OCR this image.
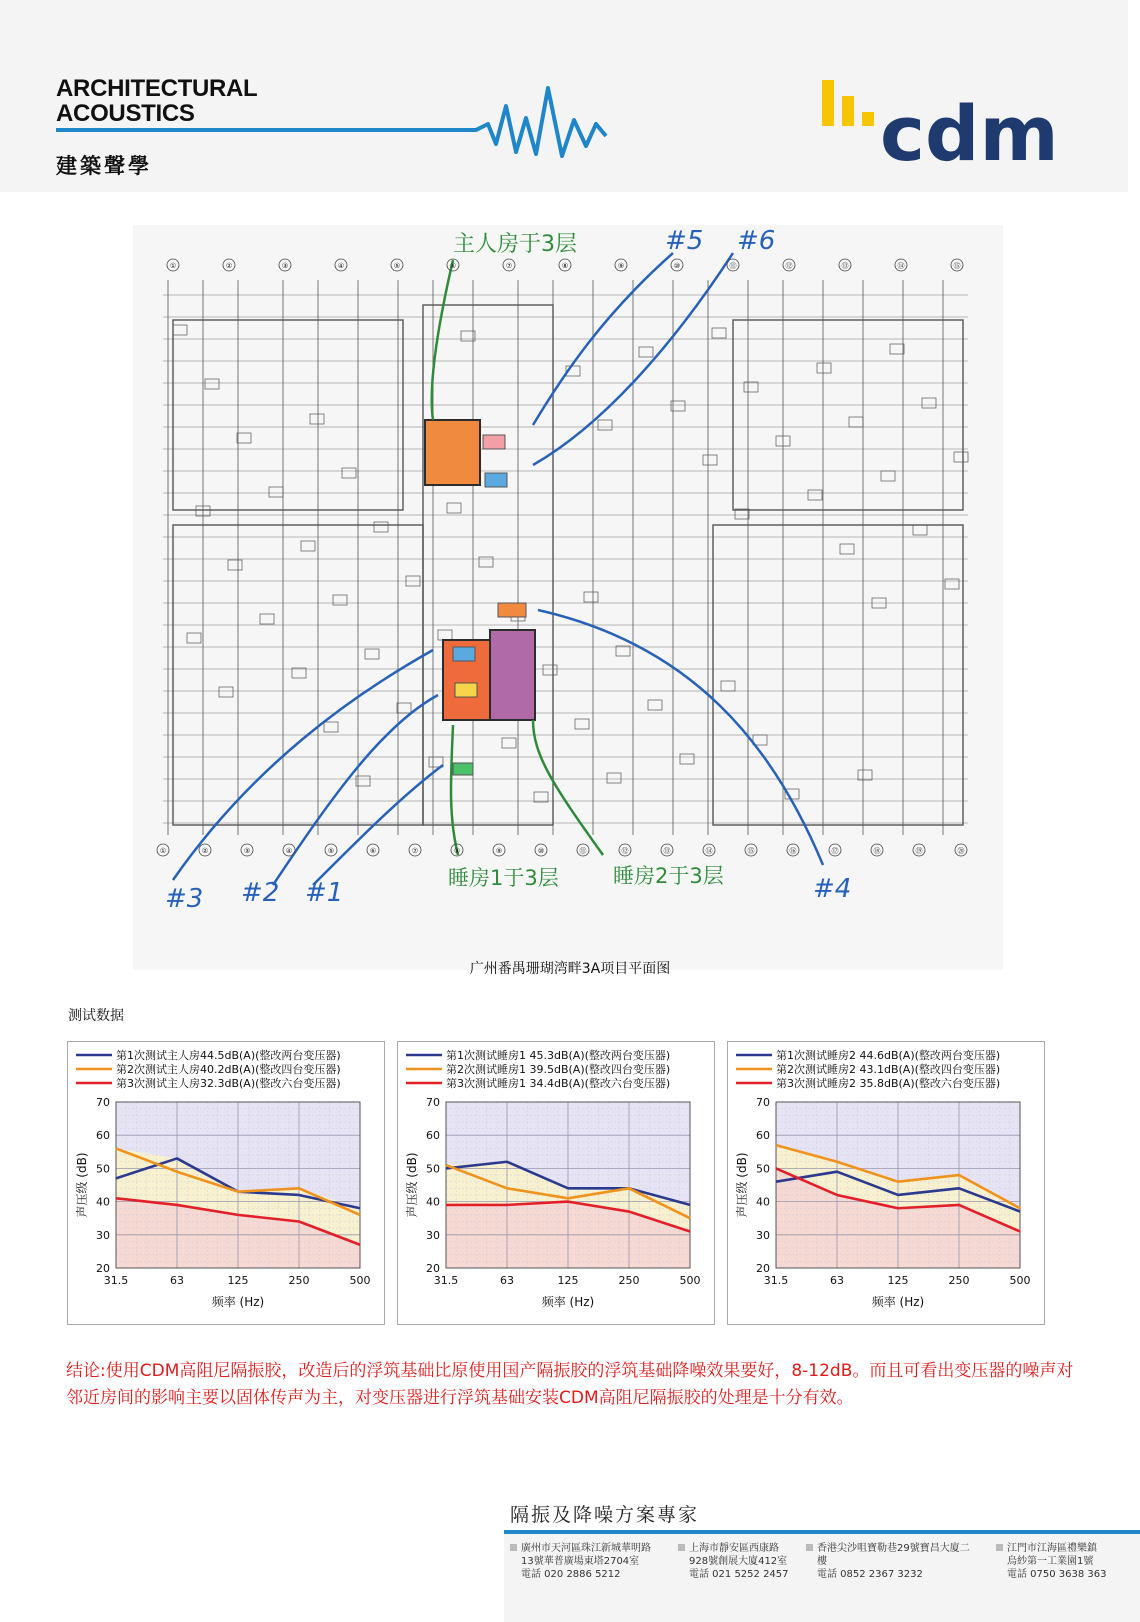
ARCHITECTURAL
ACOUSTICS
建築聲學	cdm
主人房于3层	#5 #6
#3 #2 #1	#4
睡房1于3层	睡房2于3层
①	②	③	④	⑤	⑥	⑦	⑧	⑨	⑩	⑪	⑫	⑬	⑭	⑮
①	②	③	④	⑤	⑥	⑦	⑧	⑨	⑩	⑪	⑫	⑬	⑭	⑮	⑯	⑰	⑱	⑲	⑳
广州番禺珊瑚湾畔3A项目平面图
测试数据
第1次测试主人房44.5dB(A)(整改两台变压器)
第2次测试主人房40.2dB(A)(整改四台变压器)
第3次测试主人房32.3dB(A)(整改六台变压器)
20
30
40
50
60
70
31.5	63	125	250	500
频率 (Hz)
声压级 (dB)
第1次测试睡房1 45.3dB(A)(整改两台变压器)
第2次测试睡房1 39.5dB(A)(整改四台变压器)
第3次测试睡房1 34.4dB(A)(整改六台变压器)
20
30
40
50
60
70
31.5	63	125	250	500
频率 (Hz)
声压级 (dB)
第1次测试睡房2 44.6dB(A)(整改两台变压器)
第2次测试睡房2 43.1dB(A)(整改四台变压器)
第3次测试睡房2 35.8dB(A)(整改六台变压器)
20
30
40
50
60
70
31.5	63	125	250	500
频率 (Hz)
声压级 (dB)
结论:使用CDM高阻尼隔振胶，改造后的浮筑基础比原使用国产隔振胶的浮筑基础降噪效果要好，8-12dB。而且可看出变压器的噪声对邻近房间的影响主要以固体传声为主，对变压器进行浮筑基础安装CDM高阻尼隔振胶的处理是十分有效。
隔振及降噪方案專家
廣州市天河區珠江新城華明路
13號華普廣場東塔2704室
電話 020 2886 5212
上海市靜安區西康路
928號創展大廈412室
電話 021 5252 2457
香港尖沙咀寶勒巷29號寶昌大廈二
樓
電話 0852 2367 3232
江門市江海區禮樂鎮
烏紗第一工業園1號
電話 0750 3638 363
